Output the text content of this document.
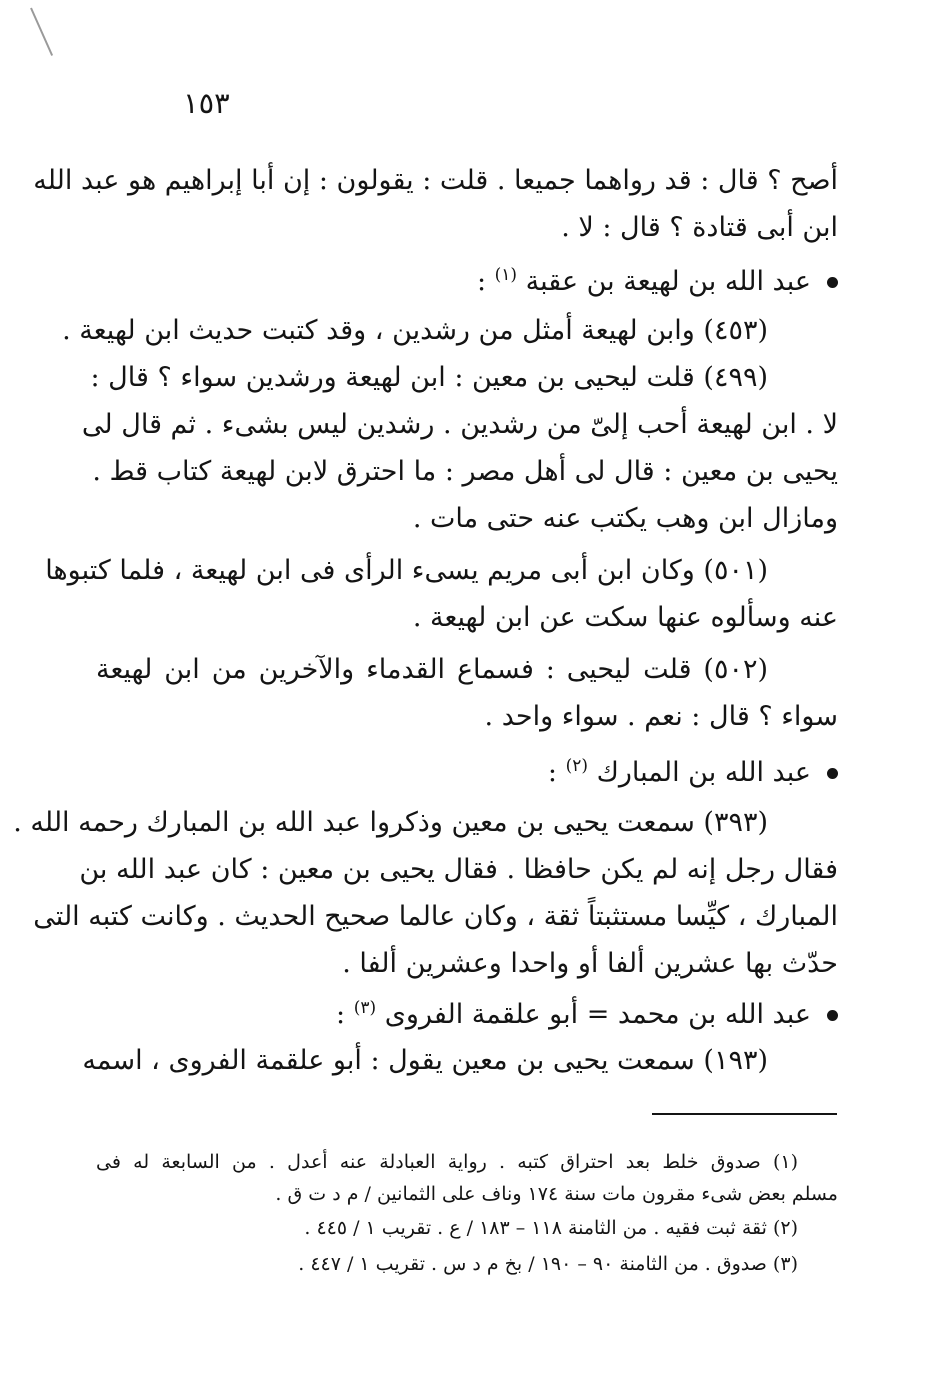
١٥٣
أصح ؟ قال : قد رواهما جميعا . قلت : يقولون : إن أبا إبراهيم هو عبد الله
ابن أبى قتادة ؟ قال : لا .
عبد الله بن لهيعة بن عقبة $^{(١)}$ :
(٤٥٣) وابن لهيعة أمثل من رشدين ، وقد كتبت حديث ابن لهيعة .
(٤٩٩) قلت ليحيى بن معين : ابن لهيعة ورشدين سواء ؟ قال :
لا . ابن لهيعة أحب إلىّ من رشدين . رشدين ليس بشىء . ثم قال لى
يحيى بن معين : قال لى أهل مصر : ما احترق لابن لهيعة كتاب قط .
ومازال ابن وهب يكتب عنه حتى مات .
(٥٠١) وكان ابن أبى مريم يسىء الرأى فى ابن لهيعة ، فلما كتبوها
عنه وسألوه عنها سكت عن ابن لهيعة .
(٥٠٢) قلت ليحيى : فسماع القدماء والآخرين من ابن لهيعة
سواء ؟ قال : نعم . سواء واحد .
عبد الله بن المبارك $^{(٢)}$ :
(٣٩٣) سمعت يحيى بن معين وذكروا عبد الله بن المبارك رحمه الله .
فقال رجل إنه لم يكن حافظا . فقال يحيى بن معين : كان عبد الله بن
المبارك ، كيِّسا مستثبتاً ثقة ، وكان عالما صحيح الحديث . وكانت كتبه التى
حدّث بها عشرين ألفا أو واحدا وعشرين ألفا .
عبد الله بن محمد = أبو علقمة الفروى $^{(٣)}$ :
(١٩٣) سمعت يحيى بن معين يقول : أبو علقمة الفروى ، اسمه
(١) صدوق خلط بعد احتراق كتبه . رواية العبادلة عنه أعدل . من السابعة له فى
مسلم بعض شىء مقرون مات سنة ١٧٤ وناف على الثمانين / م د ت ق .
(٢) ثقة ثبت فقيه . من الثامنة ١١٨ – ١٨٣ / ع . تقريب ١ / ٤٤٥ .
(٣) صدوق . من الثامنة ٩٠ – ١٩٠ / بخ م د س . تقريب ١ / ٤٤٧ .
